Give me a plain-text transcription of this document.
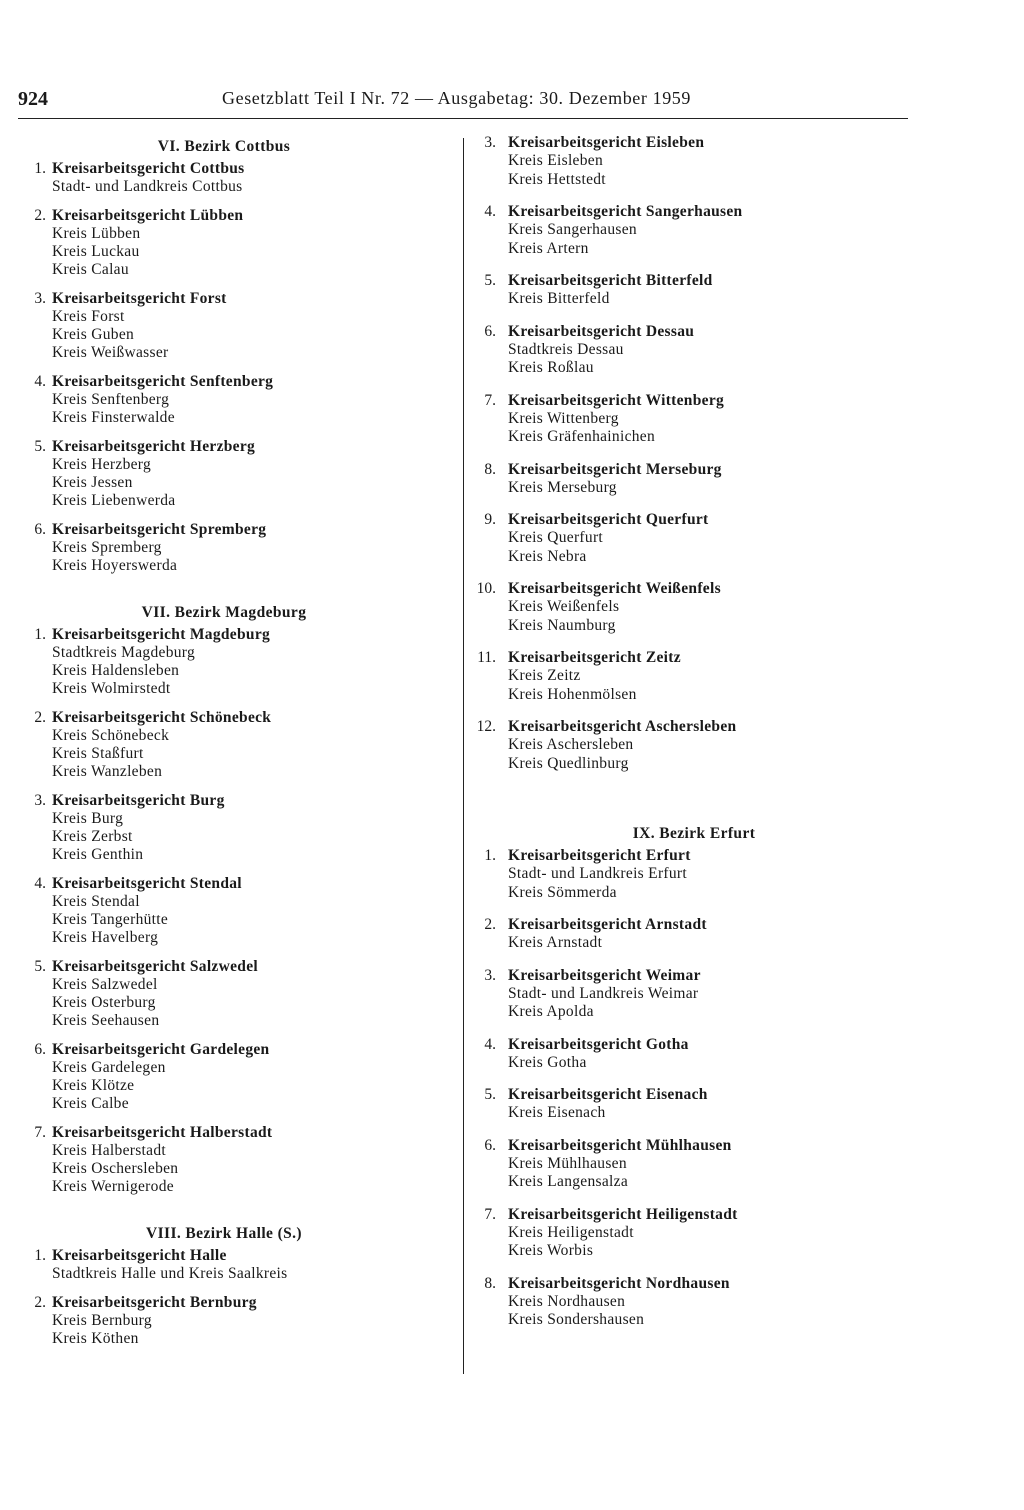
924	Gesetzblatt Teil I Nr. 72 — Ausgabetag: 30. Dezember 1959
VI. Bezirk Cottbus
1. Kreisarbeitsgericht Cottbus
Stadt- und Landkreis Cottbus
2. Kreisarbeitsgericht Lübben
Kreis Lübben
Kreis Luckau
Kreis Calau
3. Kreisarbeitsgericht Forst
Kreis Forst
Kreis Guben
Kreis Weißwasser
4. Kreisarbeitsgericht Senftenberg
Kreis Senftenberg
Kreis Finsterwalde
5. Kreisarbeitsgericht Herzberg
Kreis Herzberg
Kreis Jessen
Kreis Liebenwerda
6. Kreisarbeitsgericht Spremberg
Kreis Spremberg
Kreis Hoyerswerda
VII. Bezirk Magdeburg
1. Kreisarbeitsgericht Magdeburg
Stadtkreis Magdeburg
Kreis Haldensleben
Kreis Wolmirstedt
2. Kreisarbeitsgericht Schönebeck
Kreis Schönebeck
Kreis Staßfurt
Kreis Wanzleben
3. Kreisarbeitsgericht Burg
Kreis Burg
Kreis Zerbst
Kreis Genthin
4. Kreisarbeitsgericht Stendal
Kreis Stendal
Kreis Tangerhütte
Kreis Havelberg
5. Kreisarbeitsgericht Salzwedel
Kreis Salzwedel
Kreis Osterburg
Kreis Seehausen
6. Kreisarbeitsgericht Gardelegen
Kreis Gardelegen
Kreis Klötze
Kreis Calbe
7. Kreisarbeitsgericht Halberstadt
Kreis Halberstadt
Kreis Oschersleben
Kreis Wernigerode
VIII. Bezirk Halle (S.)
1. Kreisarbeitsgericht Halle
Stadtkreis Halle und Kreis Saalkreis
2. Kreisarbeitsgericht Bernburg
Kreis Bernburg
Kreis Köthen
3. Kreisarbeitsgericht Eisleben
Kreis Eisleben
Kreis Hettstedt
4. Kreisarbeitsgericht Sangerhausen
Kreis Sangerhausen
Kreis Artern
5. Kreisarbeitsgericht Bitterfeld
Kreis Bitterfeld
6. Kreisarbeitsgericht Dessau
Stadtkreis Dessau
Kreis Roßlau
7. Kreisarbeitsgericht Wittenberg
Kreis Wittenberg
Kreis Gräfenhainichen
8. Kreisarbeitsgericht Merseburg
Kreis Merseburg
9. Kreisarbeitsgericht Querfurt
Kreis Querfurt
Kreis Nebra
10. Kreisarbeitsgericht Weißenfels
Kreis Weißenfels
Kreis Naumburg
11. Kreisarbeitsgericht Zeitz
Kreis Zeitz
Kreis Hohenmölsen
12. Kreisarbeitsgericht Aschersleben
Kreis Aschersleben
Kreis Quedlinburg
IX. Bezirk Erfurt
1. Kreisarbeitsgericht Erfurt
Stadt- und Landkreis Erfurt
Kreis Sömmerda
2. Kreisarbeitsgericht Arnstadt
Kreis Arnstadt
3. Kreisarbeitsgericht Weimar
Stadt- und Landkreis Weimar
Kreis Apolda
4. Kreisarbeitsgericht Gotha
Kreis Gotha
5. Kreisarbeitsgericht Eisenach
Kreis Eisenach
6. Kreisarbeitsgericht Mühlhausen
Kreis Mühlhausen
Kreis Langensalza
7. Kreisarbeitsgericht Heiligenstadt
Kreis Heiligenstadt
Kreis Worbis
8. Kreisarbeitsgericht Nordhausen
Kreis Nordhausen
Kreis Sondershausen
